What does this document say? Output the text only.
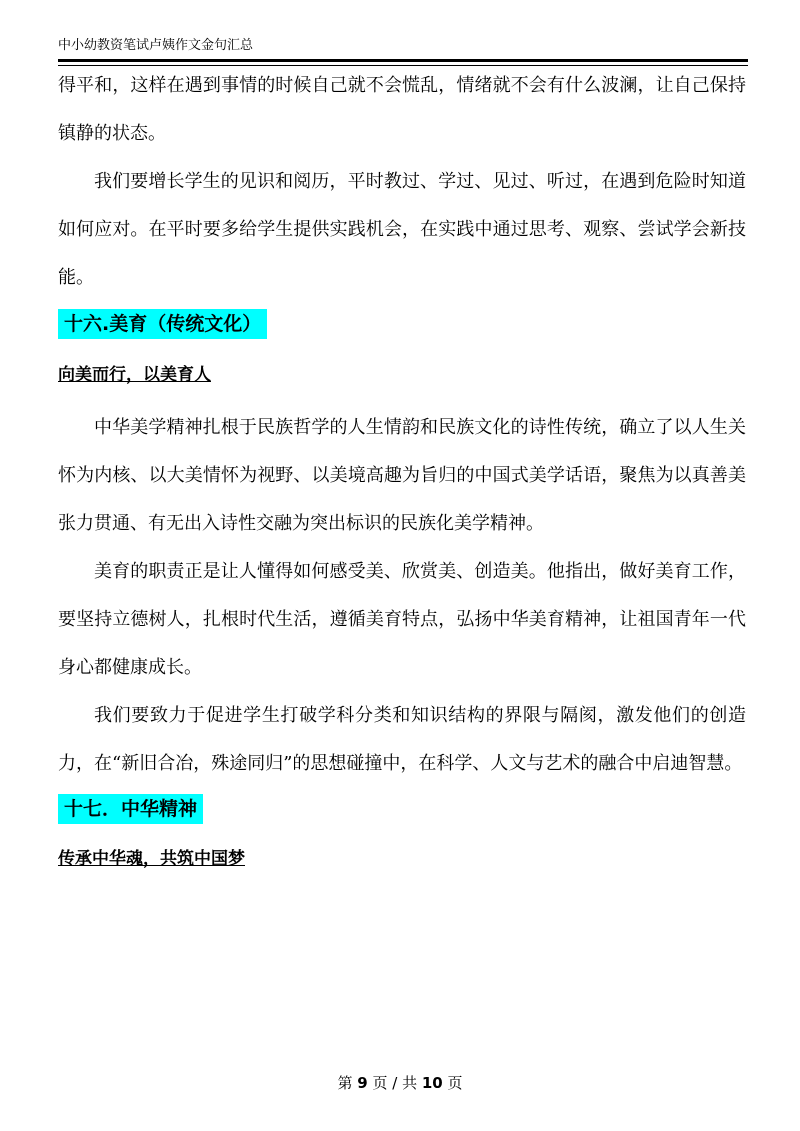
中小幼教资笔试卢姨作文金句汇总

得平和，这样在遇到事情的时候自己就不会慌乱，情绪就不会有什么波澜，让自己保持镇静的状态。

我们要增长学生的见识和阅历，平时教过、学过、见过、听过，在遇到危险时知道如何应对。在平时要多给学生提供实践机会，在实践中通过思考、观察、尝试学会新技能。

十六.美育（传统文化）

向美而行，以美育人

中华美学精神扎根于民族哲学的人生情韵和民族文化的诗性传统，确立了以人生关怀为内核、以大美情怀为视野、以美境高趣为旨归的中国式美学话语，聚焦为以真善美张力贯通、有无出入诗性交融为突出标识的民族化美学精神。

美育的职责正是让人懂得如何感受美、欣赏美、创造美。他指出，做好美育工作，要坚持立德树人，扎根时代生活，遵循美育特点，弘扬中华美育精神，让祖国青年一代身心都健康成长。

我们要致力于促进学生打破学科分类和知识结构的界限与隔阂，激发他们的创造力，在“新旧合冶，殊途同归”的思想碰撞中，在科学、人文与艺术的融合中启迪智慧。

十七．中华精神

传承中华魂，共筑中国梦

第 9 页 / 共 10 页
